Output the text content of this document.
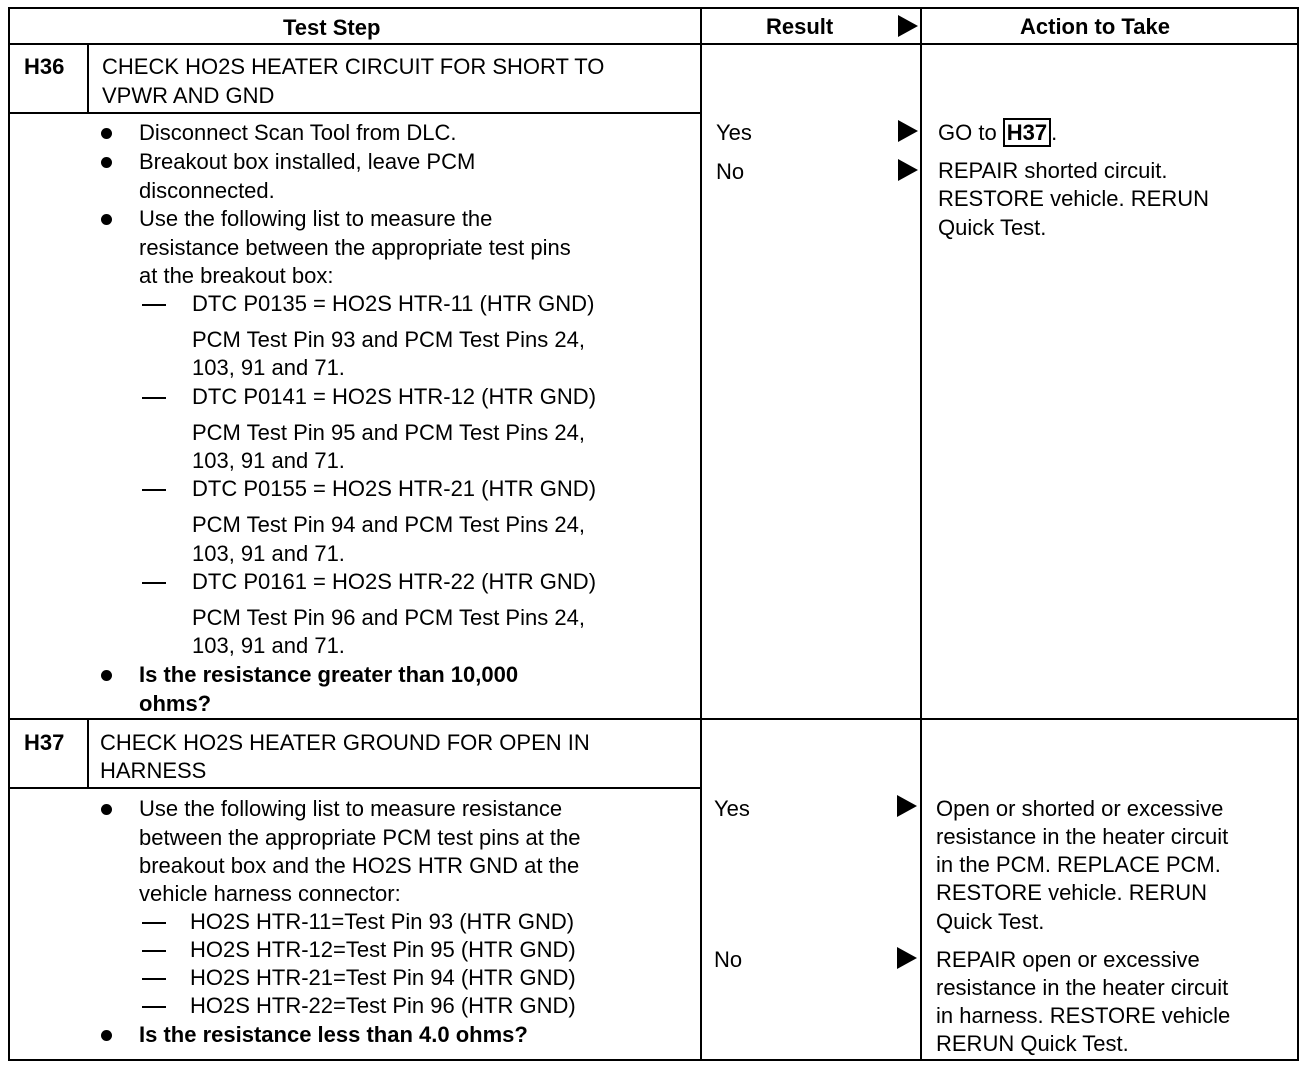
Test Step	Result	Action to Take
H36 CHECK HO2S HEATER CIRCUIT FOR SHORT TO
VPWR AND GND
Disconnect Scan Tool from DLC.
Breakout box installed, leave PCM
disconnected.
Use the following list to measure the
resistance between the appropriate test pins
at the breakout box:
DTC P0135 = HO2S HTR-11 (HTR GND)
PCM Test Pin 93 and PCM Test Pins 24,
103, 91 and 71.
DTC P0141 = HO2S HTR-12 (HTR GND)
PCM Test Pin 95 and PCM Test Pins 24,
103, 91 and 71.
DTC P0155 = HO2S HTR-21 (HTR GND)
PCM Test Pin 94 and PCM Test Pins 24,
103, 91 and 71.
DTC P0161 = HO2S HTR-22 (HTR GND)
PCM Test Pin 96 and PCM Test Pins 24,
103, 91 and 71.
Is the resistance greater than 10,000
ohms?
Yes
No
GO to H37 .
REPAIR shorted circuit.
RESTORE vehicle. RERUN
Quick Test.
H37 CHECK HO2S HEATER GROUND FOR OPEN IN
HARNESS
Use the following list to measure resistance
between the appropriate PCM test pins at the
breakout box and the HO2S HTR GND at the
vehicle harness connector:
HO2S HTR-11=Test Pin 93 (HTR GND)
HO2S HTR-12=Test Pin 95 (HTR GND)
HO2S HTR-21=Test Pin 94 (HTR GND)
HO2S HTR-22=Test Pin 96 (HTR GND)
Is the resistance less than 4.0 ohms?
Yes
No
Open or shorted or excessive
resistance in the heater circuit
in the PCM. REPLACE PCM.
RESTORE vehicle. RERUN
Quick Test.
REPAIR open or excessive
resistance in the heater circuit
in harness. RESTORE vehicle
RERUN Quick Test.
